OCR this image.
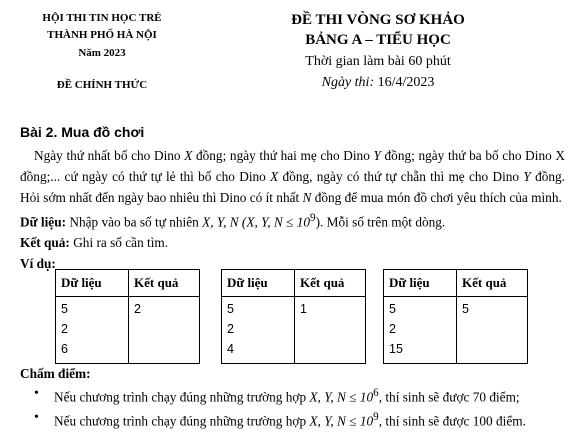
HỘI THI TIN HỌC TRẺ
THÀNH PHỐ HÀ NỘI
Năm 2023
ĐỀ CHÍNH THỨC
ĐỀ THI VÒNG SƠ KHẢO
BẢNG A – TIỂU HỌC
Thời gian làm bài 60 phút
Ngày thi: 16/4/2023
Bài 2. Mua đồ chơi

Ngày thứ nhất bố cho Dino X đồng; ngày thứ hai mẹ cho Dino Y đồng; ngày thứ ba bố cho Dino X đồng;... cứ ngày có thứ tự lẻ thì bố cho Dino X đồng, ngày có thứ tự chẵn thì mẹ cho Dino Y đồng. Hỏi sớm nhất đến ngày bao nhiêu thì Dino có ít nhất N đồng để mua món đồ chơi yêu thích của mình.

Dữ liệu: Nhập vào ba số tự nhiên X, Y, N (X, Y, $N \le 10^9$). Mỗi số trên một dòng.

Kết quả: Ghi ra số cần tìm.

Ví dụ:

Dữ liệu	Kết quả

5
2
6	2
Dữ liệu	Kết quả

5
2
4	1
Dữ liệu	Kết quả

5
2
15	5
Chấm điểm:
• Nếu chương trình chạy đúng những trường hợp X, Y, $N \le 10^6$, thí sinh sẽ được 70 điểm;
• Nếu chương trình chạy đúng những trường hợp X, Y, $N \le 10^9$, thí sinh sẽ được 100 điểm.
